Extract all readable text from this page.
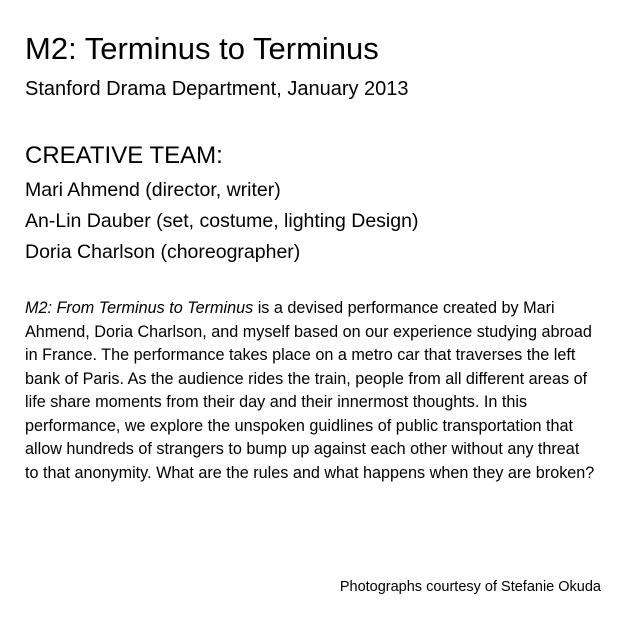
M2: Terminus to Terminus

Stanford Drama Department, January 2013

CREATIVE TEAM:
Mari Ahmend (director, writer)
An-Lin Dauber (set, costume, lighting Design)
Doria Charlson (choreographer)

M2: From Terminus to Terminus is a devised performance created by Mari Ahmend, Doria Charlson, and myself based on our experience studying abroad in France. The performance takes place on a metro car that traverses the left bank of Paris. As the audience rides the train, people from all different areas of life share moments from their day and their innermost thoughts. In this performance, we explore the unspoken guidlines of public transportation that allow hundreds of strangers to bump up against each other without any threat to that anonymity. What are the rules and what happens when they are broken?

Photographs courtesy of Stefanie Okuda
